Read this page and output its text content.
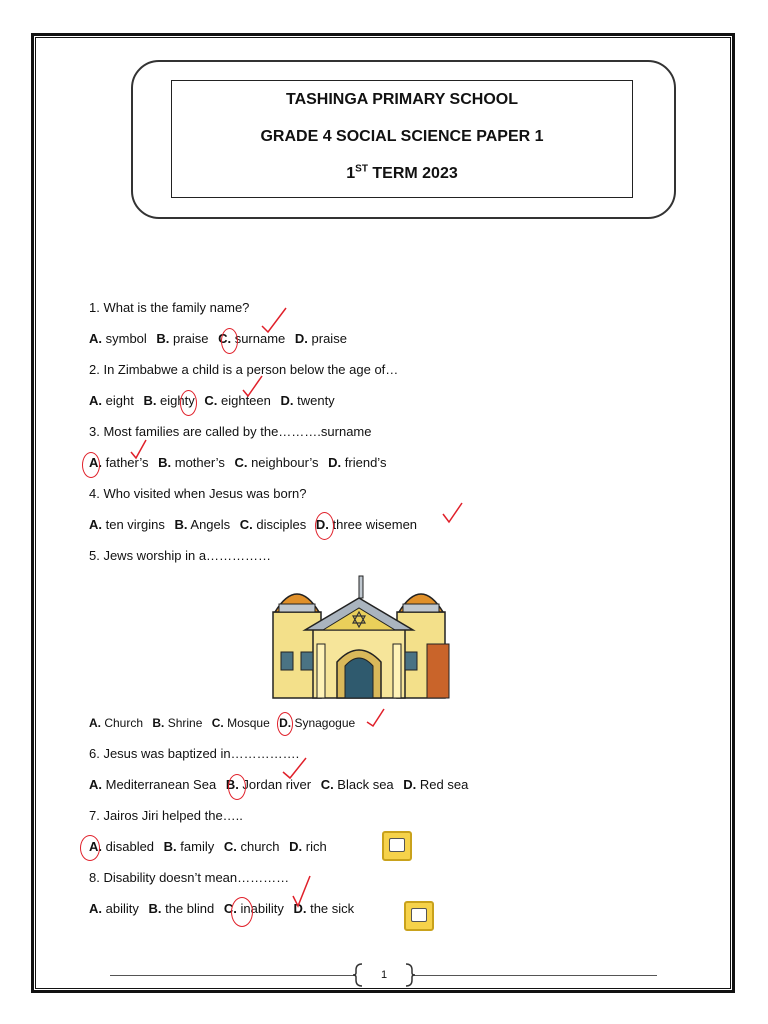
TASHINGA PRIMARY SCHOOL
GRADE 4 SOCIAL SCIENCE PAPER 1
1ST TERM 2023
1. What is the family name?
A. symbol B. praise C. surname D. praise
2. In Zimbabwe a child is a person below the age of…
A. eight B. eighty C. eighteen D. twenty
3. Most families are called by the……….surname
A. father’s B. mother’s C. neighbour’s D. friend’s
4. Who visited when Jesus was born?
A. ten virgins B. Angels C. disciples D. three wisemen
5. Jews worship in a……………
A. Church B. Shrine C. Mosque D. Synagogue
6. Jesus was baptized in…………….
A. Mediterranean Sea B. Jordan river C. Black sea D. Red sea
7. Jairos Jiri helped the…..
A. disabled B. family C. church D. rich
8. Disability doesn’t mean…………
A. ability B. the blind C. inability D. the sick
1
